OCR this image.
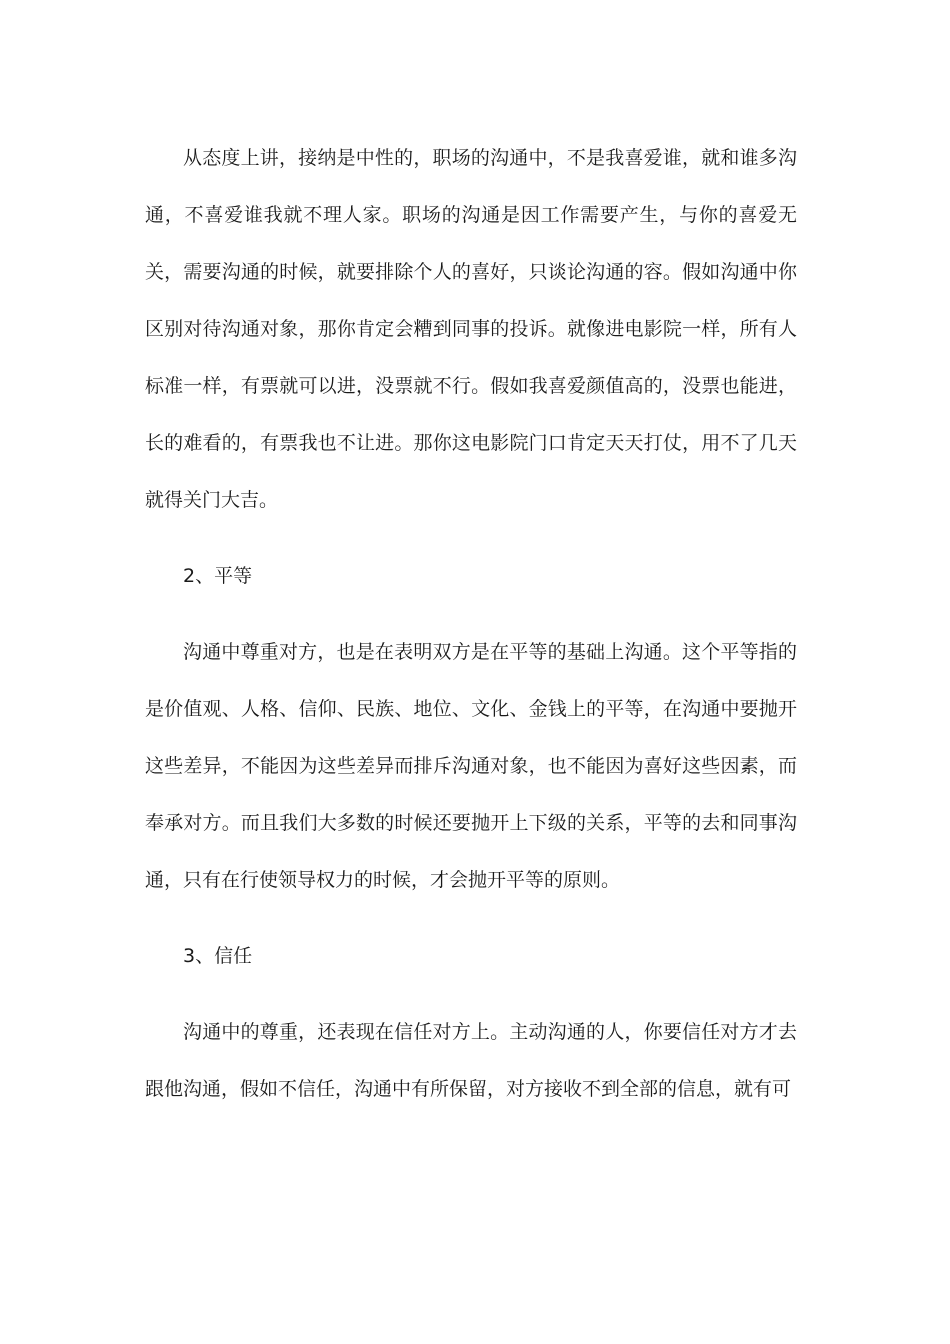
从态度上讲，接纳是中性的，职场的沟通中，不是我喜爱谁，就和谁多沟通，不喜爱谁我就不理人家。职场的沟通是因工作需要产生，与你的喜爱无关，需要沟通的时候，就要排除个人的喜好，只谈论沟通的容。假如沟通中你区别对待沟通对象，那你肯定会糟到同事的投诉。就像进电影院一样，所有人标准一样，有票就可以进，没票就不行。假如我喜爱颜值高的，没票也能进，长的难看的，有票我也不让进。那你这电影院门口肯定天天打仗，用不了几天就得关门大吉。

2、平等

沟通中尊重对方，也是在表明双方是在平等的基础上沟通。这个平等指的是价值观、人格、信仰、民族、地位、文化、金钱上的平等，在沟通中要抛开这些差异，不能因为这些差异而排斥沟通对象，也不能因为喜好这些因素，而奉承对方。而且我们大多数的时候还要抛开上下级的关系，平等的去和同事沟通，只有在行使领导权力的时候，才会抛开平等的原则。

3、信任

沟通中的尊重，还表现在信任对方上。主动沟通的人，你要信任对方才去跟他沟通，假如不信任，沟通中有所保留，对方接收不到全部的信息，就有可
